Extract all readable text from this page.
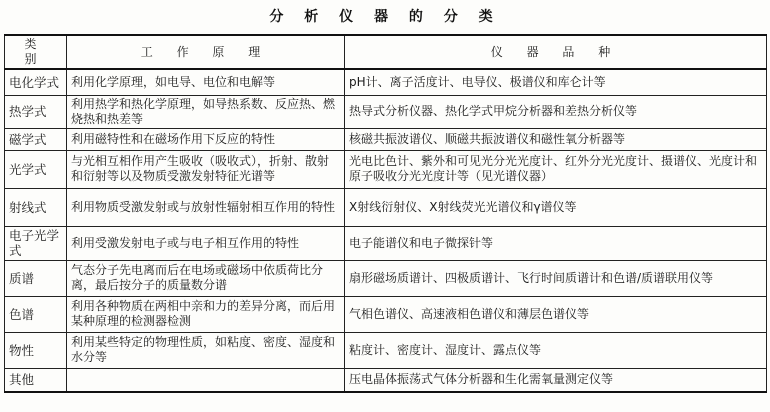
分 析 仪 器 的 分 类
类 别	工 作 原 理	仪 器 品 种
电化学式	利用化学原理，如电导、电位和电解等	pH计、离子活度计、电导仪、极谱仪和库仑计等
热学式	利用热学和热化学原理，如导热系数、反应热、燃烧热和热差等	热导式分析仪器、热化学式甲烷分析器和差热分析仪等
磁学式	利用磁特性和在磁场作用下反应的特性	核磁共振波谱仪、顺磁共振波谱仪和磁性氧分析器等
光学式	与光相互相作用产生吸收（吸收式），折射、散射和衍射等以及物质受激发射特征光谱等	光电比色计、紫外和可见光分光光度计、红外分光光度计、摄谱仪、光度计和原子吸收分光光度计等（见光谱仪器）
射线式	利用物质受激发射或与放射性辐射相互作用的特性	X射线衍射仪、X射线荧光光谱仪和γ谱仪等
电子光学式	利用受激发射电子或与电子相互作用的特性	电子能谱仪和电子微探针等
质谱	气态分子先电离而后在电场或磁场中依质荷比分离，最后按分子的质量数分谱	扇形磁场质谱计、四极质谱计、飞行时间质谱计和色谱/质谱联用仪等
色谱	利用各种物质在两相中亲和力的差异分离，而后用某种原理的检测器检测	气相色谱仪、高速液相色谱仪和薄层色谱仪等
物性	利用某些特定的物理性质，如粘度、密度、湿度和水分等	粘度计、密度计、湿度计、露点仪等
其他		压电晶体振荡式气体分析器和生化需氧量测定仪等
